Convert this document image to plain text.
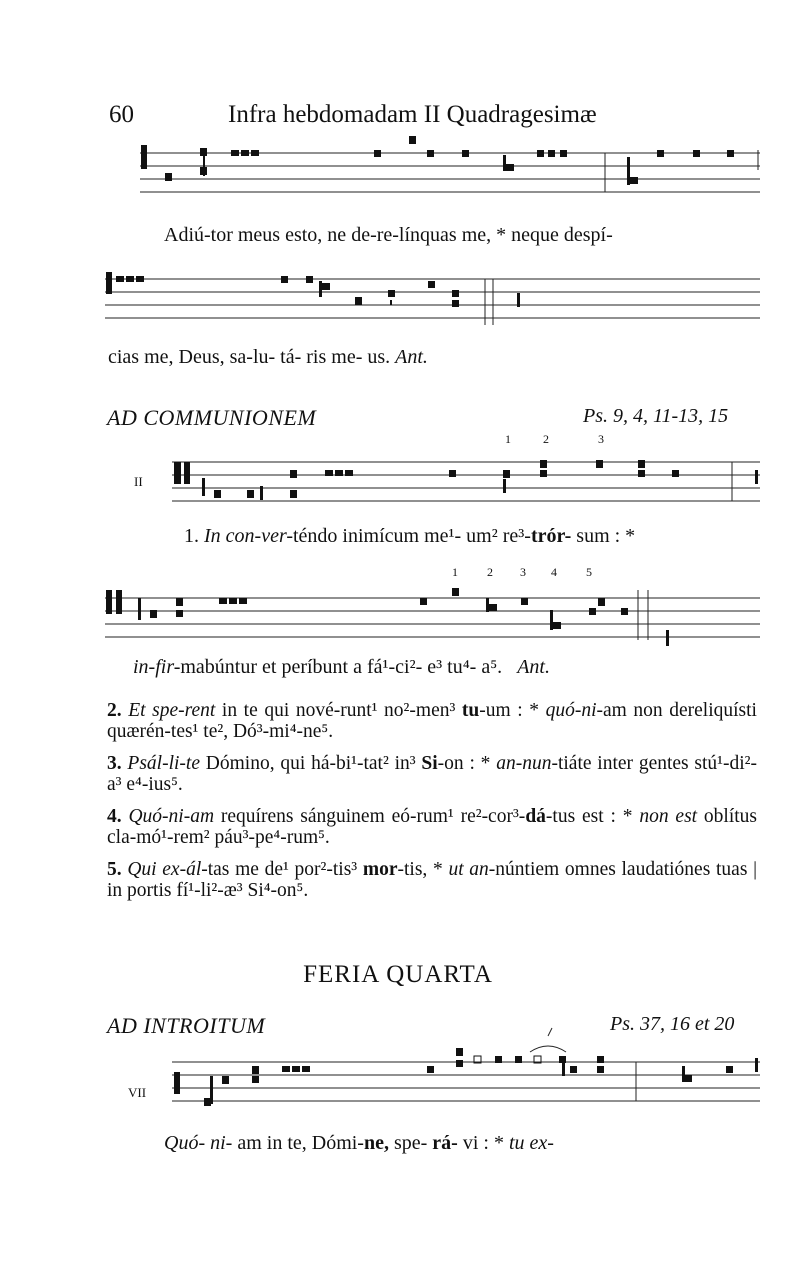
60	Infra hebdomadam II Quadragesimæ
Adiú-tor meus esto, ne de-re-línquas me, * neque despí-
cias me, Deus, sa-lu- tá- ris me- us. Ant.
AD COMMUNIONEM	Ps. 9, 4, 11-13, 15
1	2	3
II
1. In con-ver-téndo inimícum me¹- um² re³-trór- sum : *
1 2 3 4 5
in-fir-mabúntur et períbunt a fá¹-ci²- e³ tu⁴- a⁵. Ant.
2. Et spe-rent in te qui nové-runt¹ no²-men³ tu-um : * quó-ni-am non dereliquísti quærén-tes¹ te², Dó³-mi⁴-ne⁵.
3. Psál-li-te Dómino, qui há-bi¹-tat² in³ Si-on : * an-nun-tiáte inter gentes stú¹-di²-a³ e⁴-ius⁵.
4. Quó-ni-am requírens sánguinem eó-rum¹ re²-cor³-dá-tus est : * non est oblítus cla-mó¹-rem² páu³-pe⁴-rum⁵.
5. Qui ex-ál-tas me de¹ por²-tis³ mor-tis, * ut an-núntiem omnes laudatiónes tuas | in portis fí¹-li²-æ³ Si⁴-on⁵.
FERIA QUARTA
AD INTROITUM	Ps. 37, 16 et 20
VII
Quó- ni- am in te, Dómi-ne, spe- rá- vi : * tu ex-
